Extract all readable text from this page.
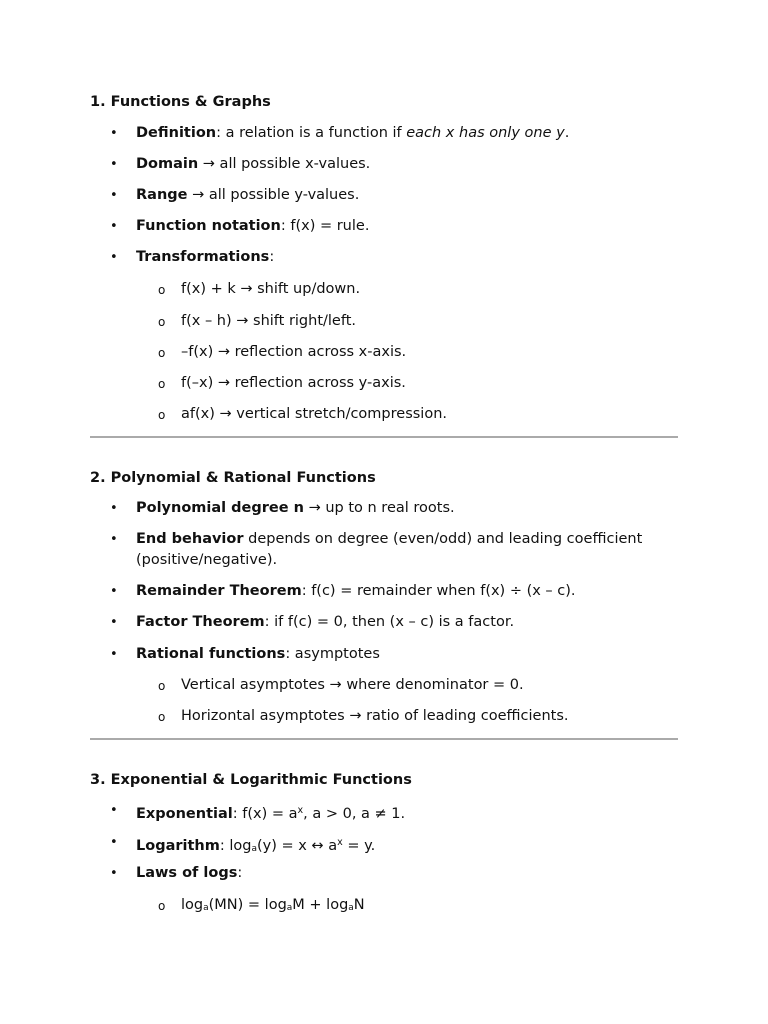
1. Functions & Graphs
• Definition: a relation is a function if each x has only one y.
• Domain → all possible x-values.
• Range → all possible y-values.
• Function notation: f(x) = rule.
• Transformations:
o f(x) + k → shift up/down.
o f(x – h) → shift right/left.
o –f(x) → reflection across x-axis.
o f(–x) → reflection across y-axis.
o af(x) → vertical stretch/compression.
2. Polynomial & Rational Functions
• Polynomial degree n → up to n real roots.
• End behavior depends on degree (even/odd) and leading coefficient (positive/negative).
• Remainder Theorem: f(c) = remainder when f(x) ÷ (x – c).
• Factor Theorem: if f(c) = 0, then (x – c) is a factor.
• Rational functions: asymptotes
o Vertical asymptotes → where denominator = 0.
o Horizontal asymptotes → ratio of leading coefficients.
3. Exponential & Logarithmic Functions
• Exponential: $f(x) = a^x$, a > 0, a ≠ 1.
• Logarithm: loga(y) = x ↔ $a^x = y$.
• Laws of logs:
o loga(MN) = logaM + logaN
